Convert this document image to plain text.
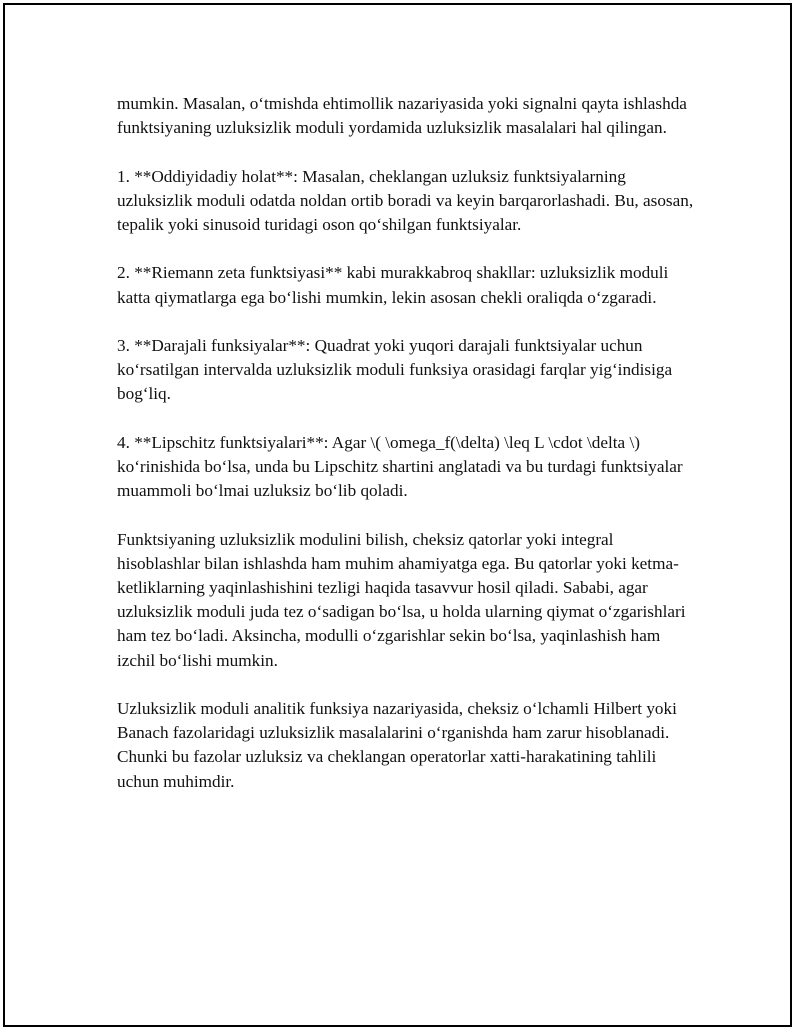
mumkin. Masalan, o‘tmishda ehtimollik nazariyasida yoki signalni qayta ishlashda funktsiyaning uzluksizlik moduli yordamida uzluksizlik masalalari hal qilingan.

1. **Oddiyidadiy holat**: Masalan, cheklangan uzluksiz funktsiyalarning uzluksizlik moduli odatda noldan ortib boradi va keyin barqarorlashadi. Bu, asosan, tepalik yoki sinusoid turidagi oson qo‘shilgan funktsiyalar.

2. **Riemann zeta funktsiyasi** kabi murakkabroq shakllar: uzluksizlik moduli katta qiymatlarga ega bo‘lishi mumkin, lekin asosan chekli oraliqda o‘zgaradi.

3. **Darajali funksiyalar**: Quadrat yoki yuqori darajali funktsiyalar uchun ko‘rsatilgan intervalda uzluksizlik moduli funksiya orasidagi farqlar yig‘indisiga bog‘liq.

4. **Lipschitz funktsiyalari**: Agar \( \omega_f(\delta) \leq L \cdot \delta \) ko‘rinishida bo‘lsa, unda bu Lipschitz shartini anglatadi va bu turdagi funktsiyalar muammoli bo‘lmai uzluksiz bo‘lib qoladi.

Funktsiyaning uzluksizlik modulini bilish, cheksiz qatorlar yoki integral hisoblashlar bilan ishlashda ham muhim ahamiyatga ega. Bu qatorlar yoki ketma-ketliklarning yaqinlashishini tezligi haqida tasavvur hosil qiladi. Sababi, agar uzluksizlik moduli juda tez o‘sadigan bo‘lsa, u holda ularning qiymat o‘zgarishlari ham tez bo‘ladi. Aksincha, modulli o‘zgarishlar sekin bo‘lsa, yaqinlashish ham izchil bo‘lishi mumkin.

Uzluksizlik moduli analitik funksiya nazariyasida, cheksiz o‘lchamli Hilbert yoki Banach fazolaridagi uzluksizlik masalalarini o‘rganishda ham zarur hisoblanadi. Chunki bu fazolar uzluksiz va cheklangan operatorlar xatti-harakatining tahlili uchun muhimdir.
